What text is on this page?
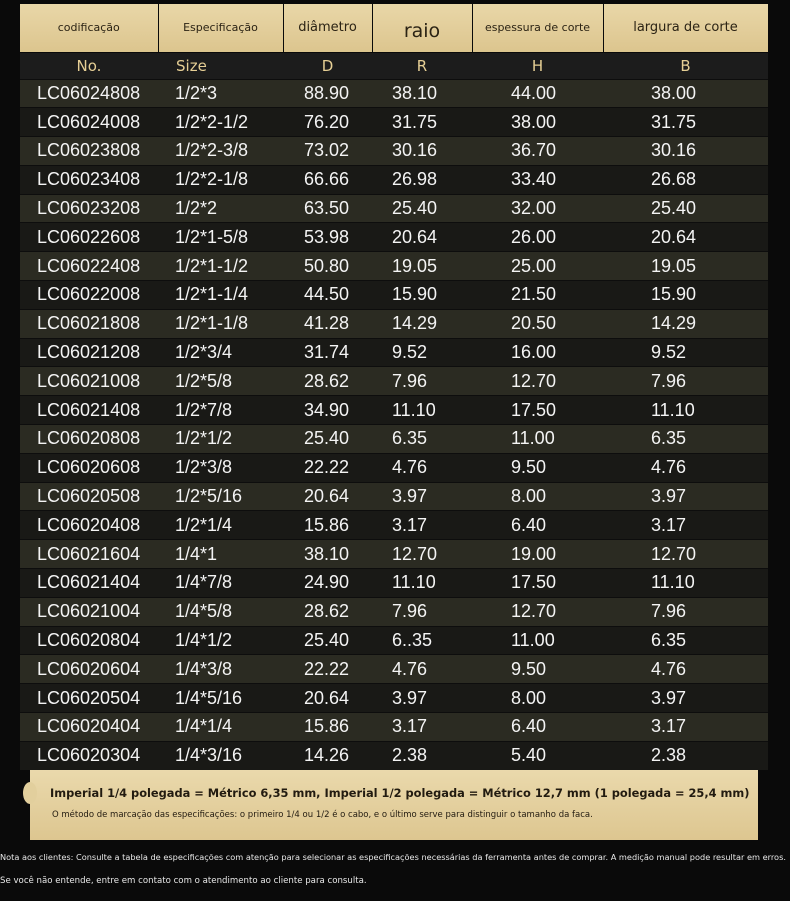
codificação	Especificação	diâmetro	raio	espessura de corte	largura de corte
No.	Size	D	R	H	B
LC06024808	1/2*3	88.90	38.10	44.00	38.00
LC06024008	1/2*2-1/2	76.20	31.75	38.00	31.75
LC06023808	1/2*2-3/8	73.02	30.16	36.70	30.16
LC06023408	1/2*2-1/8	66.66	26.98	33.40	26.68
LC06023208	1/2*2	63.50	25.40	32.00	25.40
LC06022608	1/2*1-5/8	53.98	20.64	26.00	20.64
LC06022408	1/2*1-1/2	50.80	19.05	25.00	19.05
LC06022008	1/2*1-1/4	44.50	15.90	21.50	15.90
LC06021808	1/2*1-1/8	41.28	14.29	20.50	14.29
LC06021208	1/2*3/4	31.74	9.52	16.00	9.52
LC06021008	1/2*5/8	28.62	7.96	12.70	7.96
LC06021408	1/2*7/8	34.90	11.10	17.50	11.10
LC06020808	1/2*1/2	25.40	6.35	11.00	6.35
LC06020608	1/2*3/8	22.22	4.76	9.50	4.76
LC06020508	1/2*5/16	20.64	3.97	8.00	3.97
LC06020408	1/2*1/4	15.86	3.17	6.40	3.17
LC06021604	1/4*1	38.10	12.70	19.00	12.70
LC06021404	1/4*7/8	24.90	11.10	17.50	11.10
LC06021004	1/4*5/8	28.62	7.96	12.70	7.96
LC06020804	1/4*1/2	25.40	6..35	11.00	6.35
LC06020604	1/4*3/8	22.22	4.76	9.50	4.76
LC06020504	1/4*5/16	20.64	3.97	8.00	3.97
LC06020404	1/4*1/4	15.86	3.17	6.40	3.17
LC06020304	1/4*3/16	14.26	2.38	5.40	2.38
Imperial 1/4 polegada = Métrico 6,35 mm, Imperial 1/2 polegada = Métrico 12,7 mm (1 polegada = 25,4 mm)
O método de marcação das especificações: o primeiro 1/4 ou 1/2 é o cabo, e o último serve para distinguir o tamanho da faca.
Nota aos clientes: Consulte a tabela de especificações com atenção para selecionar as especificações necessárias da ferramenta antes de comprar. A medição manual pode resultar em erros.
Se você não entende, entre em contato com o atendimento ao cliente para consulta.
